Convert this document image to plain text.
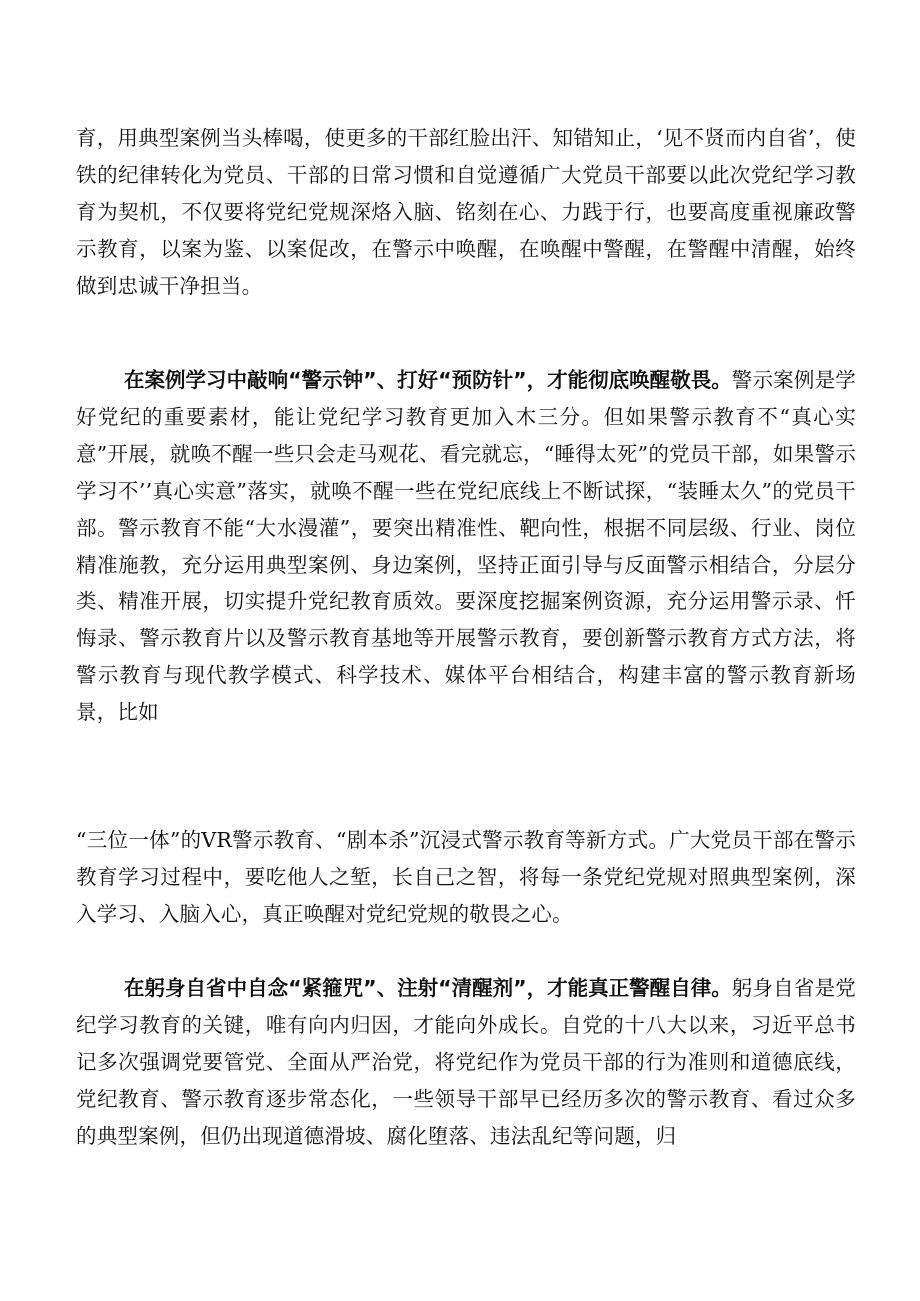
育，用典型案例当头棒喝，使更多的干部红脸出汗、知错知止，‘见不贤而内自省’，使铁的纪律转化为党员、干部的日常习惯和自觉遵循广大党员干部要以此次党纪学习教育为契机，不仅要将党纪党规深烙入脑、铭刻在心、力践于行，也要高度重视廉政警示教育，以案为鉴、以案促改，在警示中唤醒，在唤醒中警醒，在警醒中清醒，始终做到忠诚干净担当。

在案例学习中敲响“警示钟”、打好“预防针”，才能彻底唤醒敬畏。警示案例是学好党纪的重要素材，能让党纪学习教育更加入木三分。但如果警示教育不“真心实意”开展，就唤不醒一些只会走马观花、看完就忘，“睡得太死”的党员干部，如果警示学习不’’真心实意”落实，就唤不醒一些在党纪底线上不断试探，“装睡太久”的党员干部。警示教育不能“大水漫灌”，要突出精准性、靶向性，根据不同层级、行业、岗位精准施教，充分运用典型案例、身边案例，坚持正面引导与反面警示相结合，分层分类、精准开展，切实提升党纪教育质效。要深度挖掘案例资源，充分运用警示录、忏悔录、警示教育片以及警示教育基地等开展警示教育，要创新警示教育方式方法，将警示教育与现代教学模式、科学技术、媒体平台相结合，构建丰富的警示教育新场景，比如

“三位一体”的VR警示教育、“剧本杀”沉浸式警示教育等新方式。广大党员干部在警示教育学习过程中，要吃他人之堑，长自己之智，将每一条党纪党规对照典型案例，深入学习、入脑入心，真正唤醒对党纪党规的敬畏之心。

在躬身自省中自念“紧箍咒”、注射“清醒剂”，才能真正警醒自律。躬身自省是党纪学习教育的关键，唯有向内归因，才能向外成长。自党的十八大以来，习近平总书记多次强调党要管党、全面从严治党，将党纪作为党员干部的行为准则和道德底线，党纪教育、警示教育逐步常态化，一些领导干部早已经历多次的警示教育、看过众多的典型案例，但仍出现道德滑坡、腐化堕落、违法乱纪等问题，归
